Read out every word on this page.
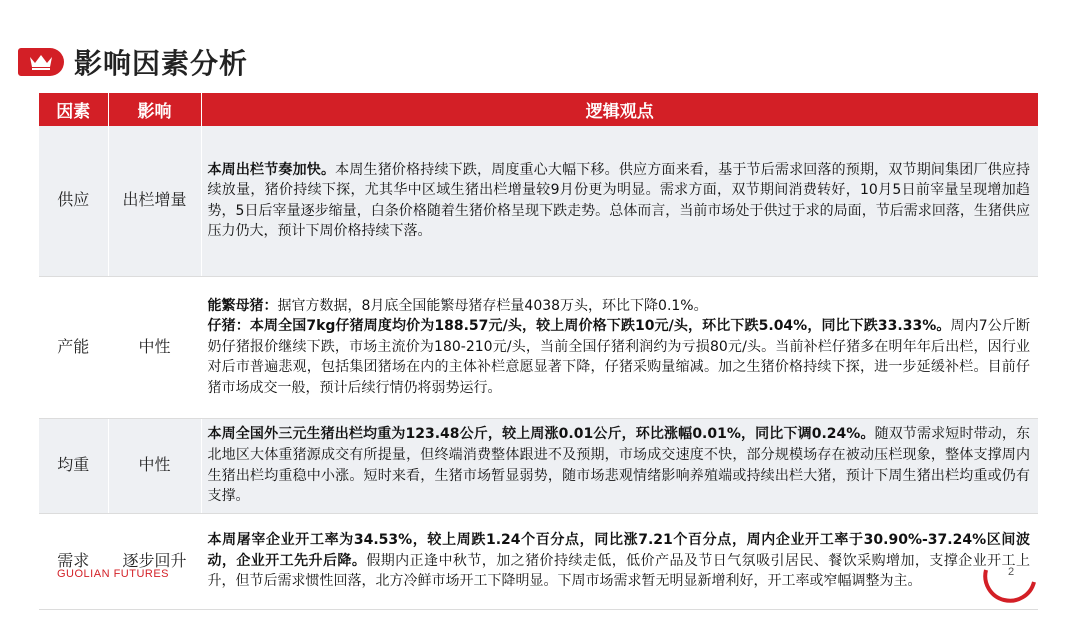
影响因素分析
因素	影响	逻辑观点
供应	出栏增量	本周出栏节奏加快。本周生猪价格持续下跌，周度重心大幅下移。供应方面来看，基于节后需求回落的预期，双节期间集团厂供应持续放量，猪价持续下探，尤其华中区域生猪出栏增量较9月份更为明显。需求方面，双节期间消费转好，10月5日前宰量呈现增加趋势，5日后宰量逐步缩量，白条价格随着生猪价格呈现下跌走势。总体而言，当前市场处于供过于求的局面，节后需求回落，生猪供应压力仍大，预计下周价格持续下落。

产能	中性	能繁母猪：据官方数据，8月底全国能繁母猪存栏量4038万头，环比下降0.1%。

仔猪：本周全国7kg仔猪周度均价为188.57元/头，较上周价格下跌10元/头，环比下跌5.04%，同比下跌33.33%。周内7公斤断奶仔猪报价继续下跌，市场主流价为180-210元/头，当前全国仔猪利润约为亏损80元/头。当前补栏仔猪多在明年年后出栏，因行业对后市普遍悲观，包括集团猪场在内的主体补栏意愿显著下降，仔猪采购量缩减。加之生猪价格持续下探，进一步延缓补栏。目前仔猪市场成交一般，预计后续行情仍将弱势运行。

均重	中性	本周全国外三元生猪出栏均重为123.48公斤，较上周涨0.01公斤，环比涨幅0.01%，同比下调0.24%。随双节需求短时带动，东北地区大体重猪源成交有所提量，但终端消费整体跟进不及预期，市场成交速度不快，部分规模场存在被动压栏现象，整体支撑周内生猪出栏均重稳中小涨。短时来看，生猪市场暂显弱势，随市场悲观情绪影响养殖端或持续出栏大猪，预计下周生猪出栏均重或仍有支撑。

需求	逐步回升	本周屠宰企业开工率为34.53%，较上周跌1.24个百分点，同比涨7.21个百分点，周内企业开工率于30.90%-37.24%区间波动，企业开工先升后降。假期内正逢中秋节，加之猪价持续走低，低价产品及节日气氛吸引居民、餐饮采购增加，支撑企业开工上升，但节后需求惯性回落，北方冷鲜市场开工下降明显。下周市场需求暂无明显新增利好，开工率或窄幅调整为主。

GUOLIAN FUTURES	2
